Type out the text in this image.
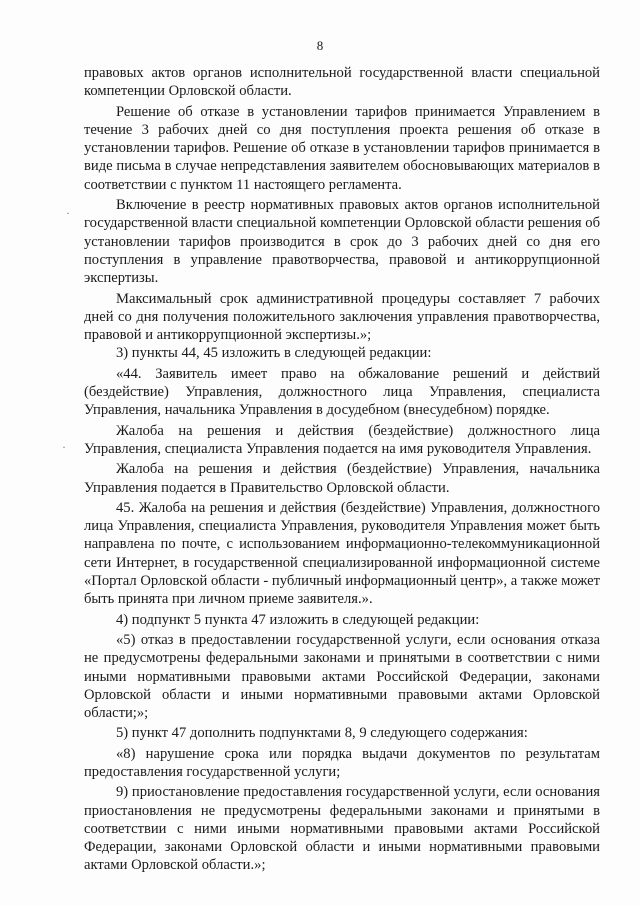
8
·
·

правовых актов органов исполнительной государственной власти специальной компетенции Орловской области.

Решение об отказе в установлении тарифов принимается Управлением в течение 3 рабочих дней со дня поступления проекта решения об отказе в установлении тарифов. Решение об отказе в установлении тарифов принимается в виде письма в случае непредставления заявителем обосновывающих материалов в соответствии с пунктом 11 настоящего регламента.

Включение в реестр нормативных правовых актов органов исполнительной государственной власти специальной компетенции Орловской области решения об установлении тарифов производится в срок до 3 рабочих дней со дня его поступления в управление правотворчества, правовой и антикоррупционной экспертизы.

Максимальный срок административной процедуры составляет 7 рабочих дней со дня получения положительного заключения управления правотворчества, правовой и антикоррупционной экспертизы.»;

3) пункты 44, 45 изложить в следующей редакции:

«44. Заявитель имеет право на обжалование решений и действий (бездействие) Управления, должностного лица Управления, специалиста Управления, начальника Управления в досудебном (внесудебном) порядке.

Жалоба на решения и действия (бездействие) должностного лица Управления, специалиста Управления подается на имя руководителя Управления.

Жалоба на решения и действия (бездействие) Управления, начальника Управления подается в Правительство Орловской области.

45. Жалоба на решения и действия (бездействие) Управления, должностного лица Управления, специалиста Управления, руководителя Управления может быть направлена по почте, с использованием информационно-телекоммуникационной сети Интернет, в государственной специализированной информационной системе «Портал Орловской области - публичный информационный центр», а также может быть принята при личном приеме заявителя.».

4) подпункт 5 пункта 47 изложить в следующей редакции:

«5) отказ в предоставлении государственной услуги, если основания отказа не предусмотрены федеральными законами и принятыми в соответствии с ними иными нормативными правовыми актами Российской Федерации, законами Орловской области и иными нормативными правовыми актами Орловской области;»;

5) пункт 47 дополнить подпунктами 8, 9 следующего содержания:

«8) нарушение срока или порядка выдачи документов по результатам предоставления государственной услуги;

9) приостановление предоставления государственной услуги, если основания приостановления не предусмотрены федеральными законами и принятыми в соответствии с ними иными нормативными правовыми актами Российской Федерации, законами Орловской области и иными нормативными правовыми актами Орловской области.»;
